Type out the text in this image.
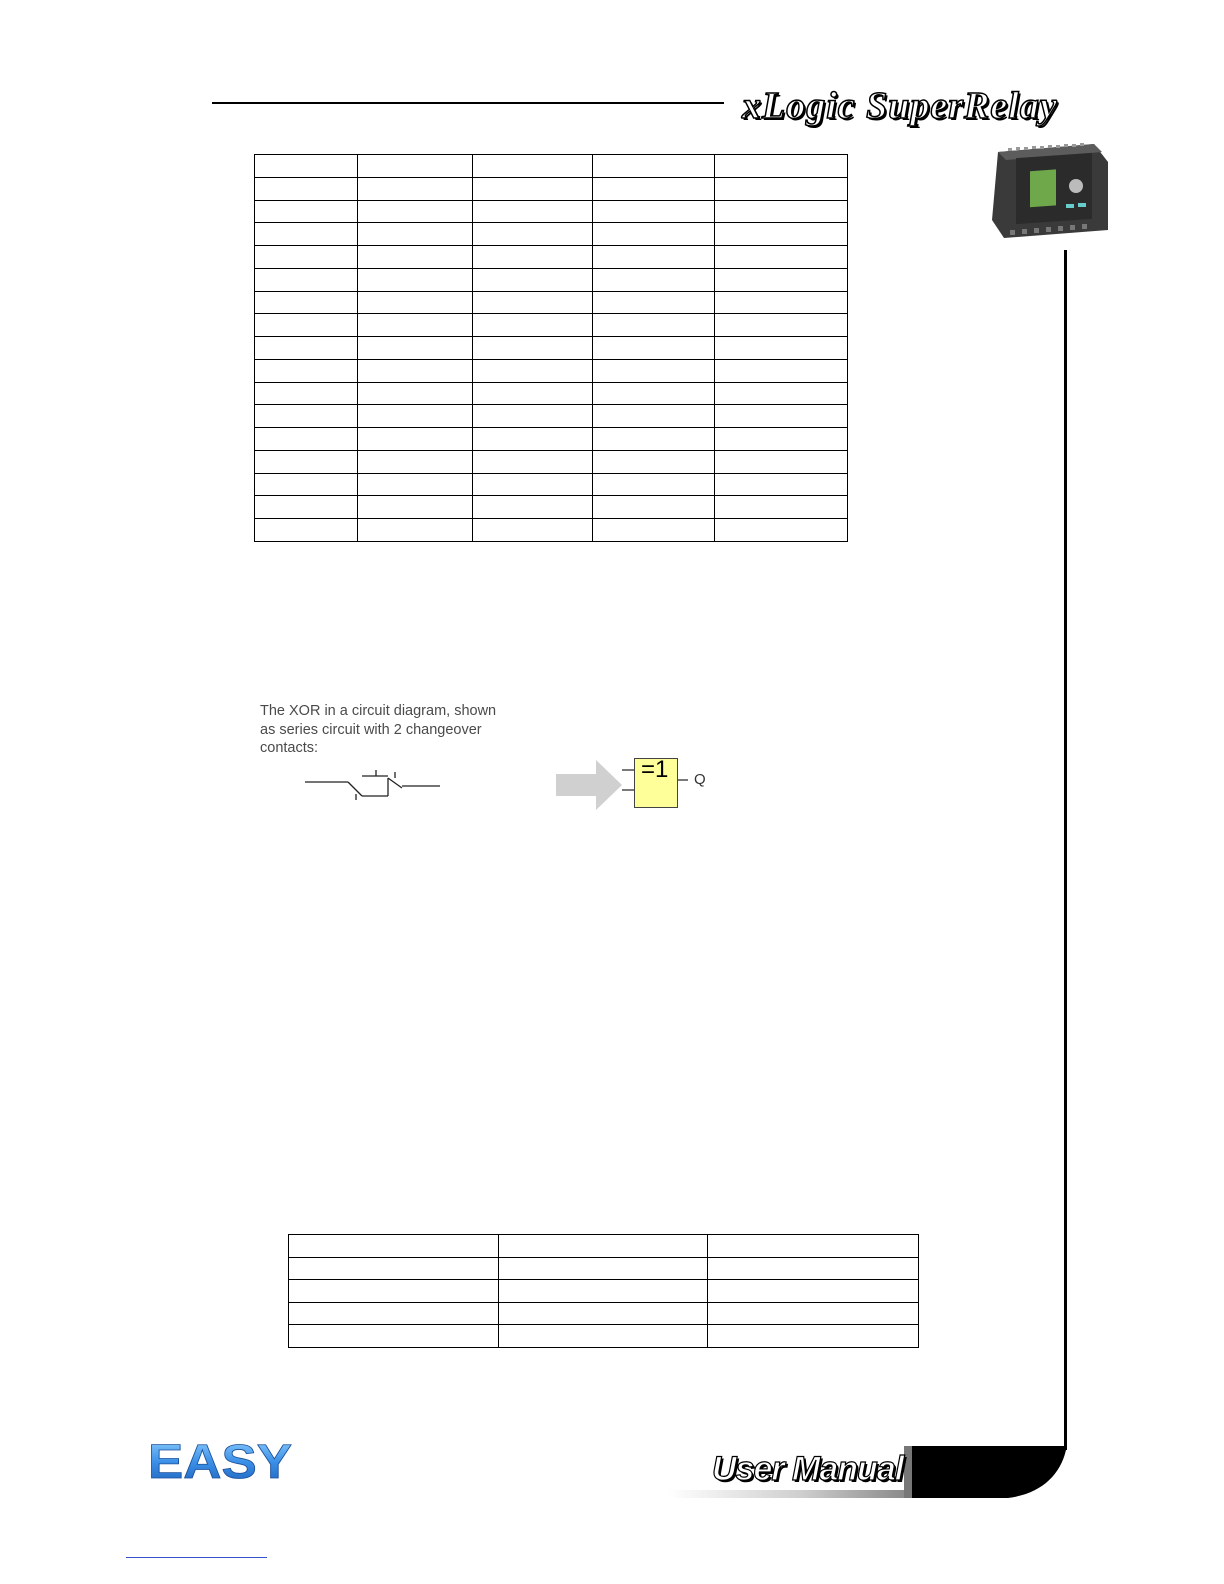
xLogic SuperRelay

The XOR in a circuit diagram, shown
as series circuit with 2 changeover
contacts:
=1 Q

EASY	User Manual
